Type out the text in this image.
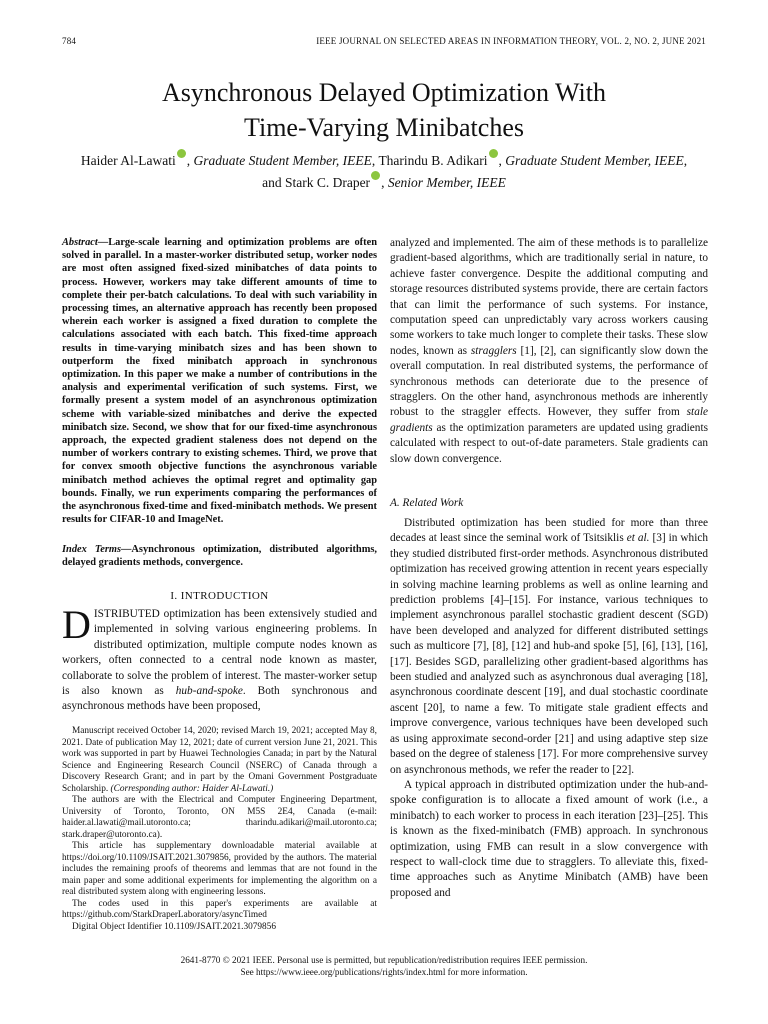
784	IEEE JOURNAL ON SELECTED AREAS IN INFORMATION THEORY, VOL. 2, NO. 2, JUNE 2021
Asynchronous Delayed Optimization With
Time-Varying Minibatches
Haider Al-Lawati , Graduate Student Member, IEEE, Tharindu B. Adikari , Graduate Student Member, IEEE,
and Stark C. Draper , Senior Member, IEEE
Abstract—Large-scale learning and optimization problems are often solved in parallel. In a master-worker distributed setup, worker nodes are most often assigned fixed-sized minibatches of data points to process. However, workers may take different amounts of time to complete their per-batch calculations. To deal with such variability in processing times, an alternative approach has recently been proposed wherein each worker is assigned a fixed duration to complete the calculations associated with each batch. This fixed-time approach results in time-varying minibatch sizes and has been shown to outperform the fixed minibatch approach in synchronous optimization. In this paper we make a number of contributions in the analysis and experimental verification of such systems. First, we formally present a system model of an asynchronous optimization scheme with variable-sized minibatches and derive the expected minibatch size. Second, we show that for our fixed-time asynchronous approach, the expected gradient staleness does not depend on the number of workers contrary to existing schemes. Third, we prove that for convex smooth objective functions the asynchronous variable minibatch method achieves the optimal regret and optimality gap bounds. Finally, we run experiments comparing the performances of the asynchronous fixed-time and fixed-minibatch methods. We present results for CIFAR-10 and ImageNet.
Index Terms—Asynchronous optimization, distributed algorithms, delayed gradients methods, convergence.
I. INTRODUCTION
DISTRIBUTED optimization has been extensively studied and implemented in solving various engineering problems. In distributed optimization, multiple compute nodes known as workers, often connected to a central node known as master, collaborate to solve the problem of interest. The master-worker setup is also known as hub-and-spoke. Both synchronous and asynchronous methods have been proposed,

Manuscript received October 14, 2020; revised March 19, 2021; accepted May 8, 2021. Date of publication May 12, 2021; date of current version June 21, 2021. This work was supported in part by Huawei Technologies Canada; in part by the Natural Science and Engineering Research Council (NSERC) of Canada through a Discovery Research Grant; and in part by the Omani Government Postgraduate Scholarship. (Corresponding author: Haider Al-Lawati.)

The authors are with the Electrical and Computer Engineering Department, University of Toronto, Toronto, ON M5S 2E4, Canada (e-mail: haider.al.lawati@mail.utoronto.ca; tharindu.adikari@mail.utoronto.ca; stark.draper@utoronto.ca).

This article has supplementary downloadable material available at https://doi.org/10.1109/JSAIT.2021.3079856, provided by the authors. The material includes the remaining proofs of theorems and lemmas that are not found in the main paper and some additional experiments for implementing the algorithm on a real distributed system along with engineering lessons.

The codes used in this paper's experiments are available at https://github.com/StarkDraperLaboratory/asyncTimed

Digital Object Identifier 10.1109/JSAIT.2021.3079856

analyzed and implemented. The aim of these methods is to parallelize gradient-based algorithms, which are traditionally serial in nature, to achieve faster convergence. Despite the additional computing and storage resources distributed systems provide, there are certain factors that can limit the performance of such systems. For instance, computation speed can unpredictably vary across workers causing some workers to take much longer to complete their tasks. These slow nodes, known as stragglers [1], [2], can significantly slow down the overall computation. In real distributed systems, the performance of synchronous methods can deteriorate due to the presence of stragglers. On the other hand, asynchronous methods are inherently robust to the straggler effects. However, they suffer from stale gradients as the optimization parameters are updated using gradients calculated with respect to out-of-date parameters. Stale gradients can slow down convergence.

A. Related Work

Distributed optimization has been studied for more than three decades at least since the seminal work of Tsitsiklis et al. [3] in which they studied distributed first-order methods. Asynchronous distributed optimization has received growing attention in recent years especially in solving machine learning problems as well as online learning and prediction problems [4]–[15]. For instance, various techniques to implement asynchronous parallel stochastic gradient descent (SGD) have been developed and analyzed for different distributed settings such as multicore [7], [8], [12] and hub-and spoke [5], [6], [13], [16], [17]. Besides SGD, parallelizing other gradient-based algorithms has been studied and analyzed such as asynchronous dual averaging [18], asynchronous coordinate descent [19], and dual stochastic coordinate ascent [20], to name a few. To mitigate stale gradient effects and improve convergence, various techniques have been developed such as using approximate second-order [21] and using adaptive step size based on the degree of staleness [17]. For more comprehensive survey on asynchronous methods, we refer the reader to [22].

A typical approach in distributed optimization under the hub-and-spoke configuration is to allocate a fixed amount of work (i.e., a minibatch) to each worker to process in each iteration [23]–[25]. This is known as the fixed-minibatch (FMB) approach. In synchronous optimization, using FMB can result in a slow convergence with respect to wall-clock time due to stragglers. To alleviate this, fixed-time approaches such as Anytime Minibatch (AMB) have been proposed and

2641-8770 © 2021 IEEE. Personal use is permitted, but republication/redistribution requires IEEE permission.
See https://www.ieee.org/publications/rights/index.html for more information.
